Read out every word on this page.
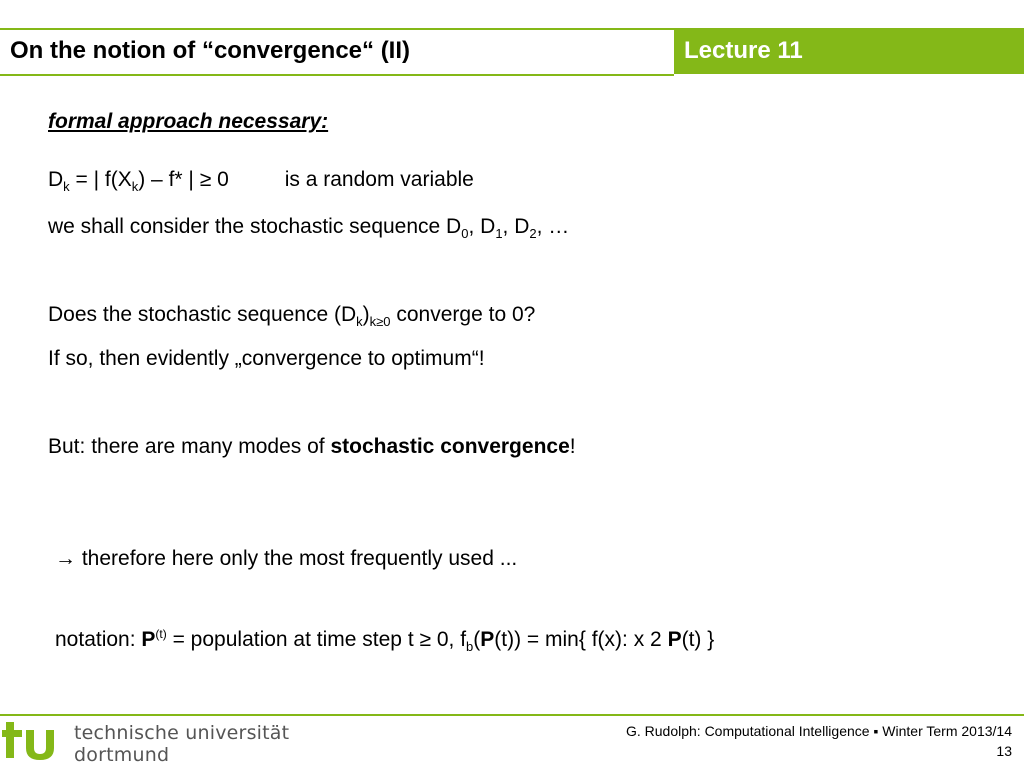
On the notion of “convergence“ (II)	Lecture 11
formal approach necessary:
$D_k$ = | $f(X_k) - f*$ | ≥ 0	is a random variable
we shall consider the stochastic sequence $D_0$, $D_1$, $D_2$, …
Does the stochastic sequence $(D_k)_{k\ge 0}$ converge to 0?
If so, then evidently „convergence to optimum“!
But: there are many modes of stochastic convergence!
→ therefore here only the most frequently used ...
notation: $P^{(t)}$ = population at time step t ≥ 0, $f_b(P(t)) = \min${ f(x): x 2 P(t) }
technische universität
dortmund
G. Rudolph: Computational Intelligence ▪ Winter Term 2013/14
13
